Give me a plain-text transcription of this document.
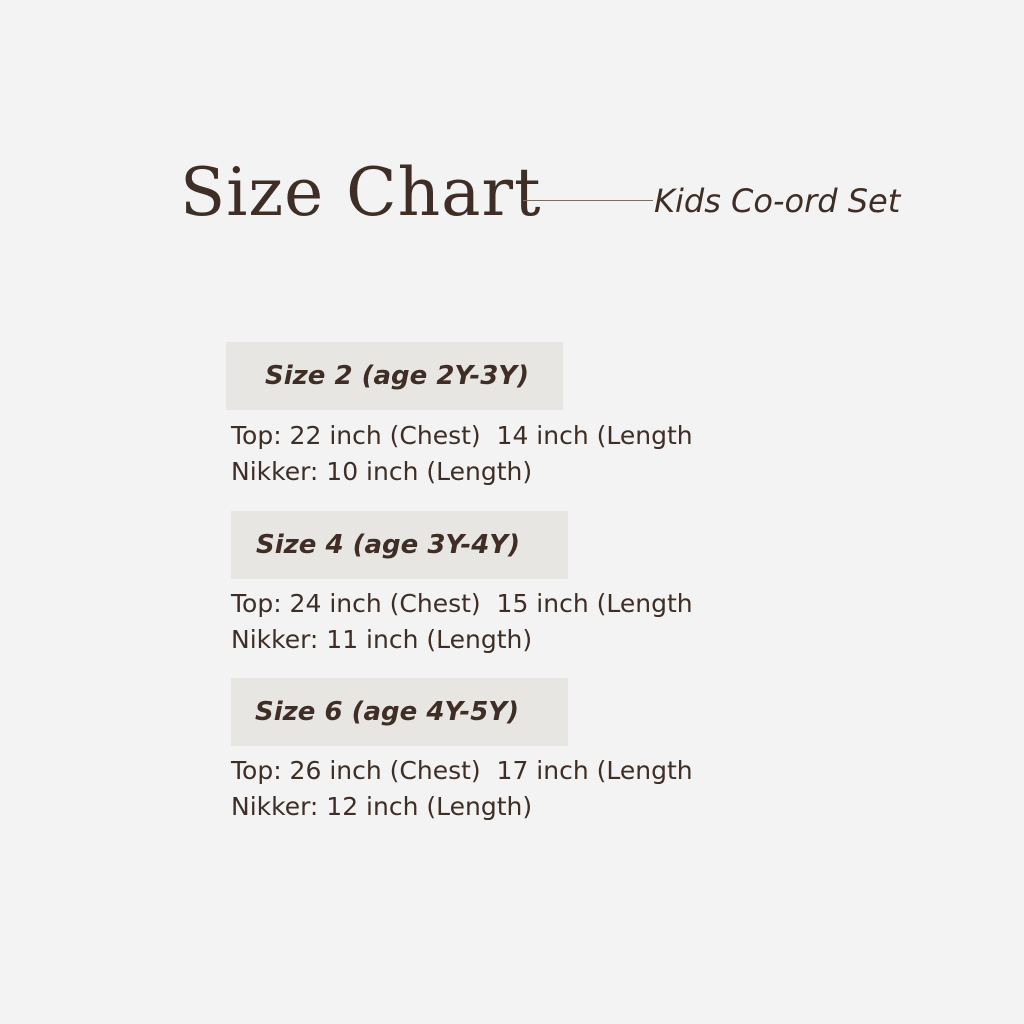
Size Chart	Kids Co-ord Set
Size 2 (age 2Y-3Y)
Top: 22 inch (Chest)  14 inch (Length
Nikker: 10 inch (Length)
Size 4 (age 3Y-4Y)
Top: 24 inch (Chest)  15 inch (Length
Nikker: 11 inch (Length)
Size 6 (age 4Y-5Y)
Top: 26 inch (Chest)  17 inch (Length
Nikker: 12 inch (Length)
